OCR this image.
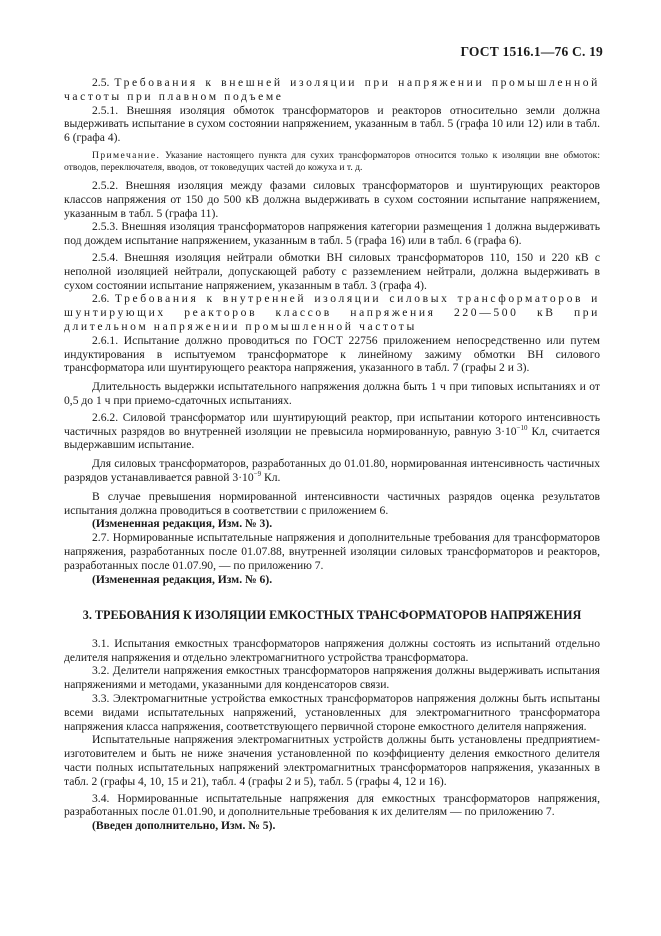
ГОСТ 1516.1—76 С. 19

2.5. Требования к внешней изоляции при напряжении промышленной частоты при плавном подъеме

2.5.1. Внешняя изоляция обмоток трансформаторов и реакторов относительно земли должна выдерживать испытание в сухом состоянии напряжением, указанным в табл. 5 (графа 10 или 12) или в табл. 6 (графа 4).

Примечание. Указание настоящего пункта для сухих трансформаторов относится только к изоляции вне обмоток: отводов, переключателя, вводов, от токоведущих частей до кожуха и т. д.

2.5.2. Внешняя изоляция между фазами силовых трансформаторов и шунтирующих реакторов классов напряжения от 150 до 500 кВ должна выдерживать в сухом состоянии испытание напряжением, указанным в табл. 5 (графа 11).

2.5.3. Внешняя изоляция трансформаторов напряжения категории размещения 1 должна выдерживать под дождем испытание напряжением, указанным в табл. 5 (графа 16) или в табл. 6 (графа 6).

2.5.4. Внешняя изоляция нейтрали обмотки ВН силовых трансформаторов 110, 150 и 220 кВ с неполной изоляцией нейтрали, допускающей работу с разземлением нейтрали, должна выдерживать в сухом состоянии испытание напряжением, указанным в табл. 3 (графа 4).

2.6. Требования к внутренней изоляции силовых трансформаторов и шунтирующих реакторов классов напряжения 220—500 кВ при длительном напряжении промышленной частоты

2.6.1. Испытание должно проводиться по ГОСТ 22756 приложением непосредственно или путем индуктирования в испытуемом трансформаторе к линейному зажиму обмотки ВН силового трансформатора или шунтирующего реактора напряжения, указанного в табл. 7 (графы 2 и 3).

Длительность выдержки испытательного напряжения должна быть 1 ч при типовых испытаниях и от 0,5 до 1 ч при приемо-сдаточных испытаниях.

2.6.2. Силовой трансформатор или шунтирующий реактор, при испытании которого интенсивность частичных разрядов во внутренней изоляции не превысила нормированную, равную $3\cdot 10^{-10}$ Кл, считается выдержавшим испытание.

Для силовых трансформаторов, разработанных до 01.01.80, нормированная интенсивность частичных разрядов устанавливается равной $3\cdot 10^{-9}$ Кл.

В случае превышения нормированной интенсивности частичных разрядов оценка результатов испытания должна проводиться в соответствии с приложением 6.

(Измененная редакция, Изм. № 3).

2.7. Нормированные испытательные напряжения и дополнительные требования для трансформаторов напряжения, разработанных после 01.07.88, внутренней изоляции силовых трансформаторов и реакторов, разработанных после 01.07.90, — по приложению 7.

(Измененная редакция, Изм. № 6).

3. ТРЕБОВАНИЯ К ИЗОЛЯЦИИ ЕМКОСТНЫХ ТРАНСФОРМАТОРОВ НАПРЯЖЕНИЯ

3.1. Испытания емкостных трансформаторов напряжения должны состоять из испытаний отдельно делителя напряжения и отдельно электромагнитного устройства трансформатора.

3.2. Делители напряжения емкостных трансформаторов напряжения должны выдерживать испытания напряжениями и методами, указанными для конденсаторов связи.

3.3. Электромагнитные устройства емкостных трансформаторов напряжения должны быть испытаны всеми видами испытательных напряжений, установленных для электромагнитного трансформатора напряжения класса напряжения, соответствующего первичной стороне емкостного делителя напряжения.

Испытательные напряжения электромагнитных устройств должны быть установлены предприятием-изготовителем и быть не ниже значения установленной по коэффициенту деления емкостного делителя части полных испытательных напряжений электромагнитных трансформаторов напряжения, указанных в табл. 2 (графы 4, 10, 15 и 21), табл. 4 (графы 2 и 5), табл. 5 (графы 4, 12 и 16).

3.4. Нормированные испытательные напряжения для емкостных трансформаторов напряжения, разработанных после 01.01.90, и дополнительные требования к их делителям — по приложению 7.

(Введен дополнительно, Изм. № 5).
